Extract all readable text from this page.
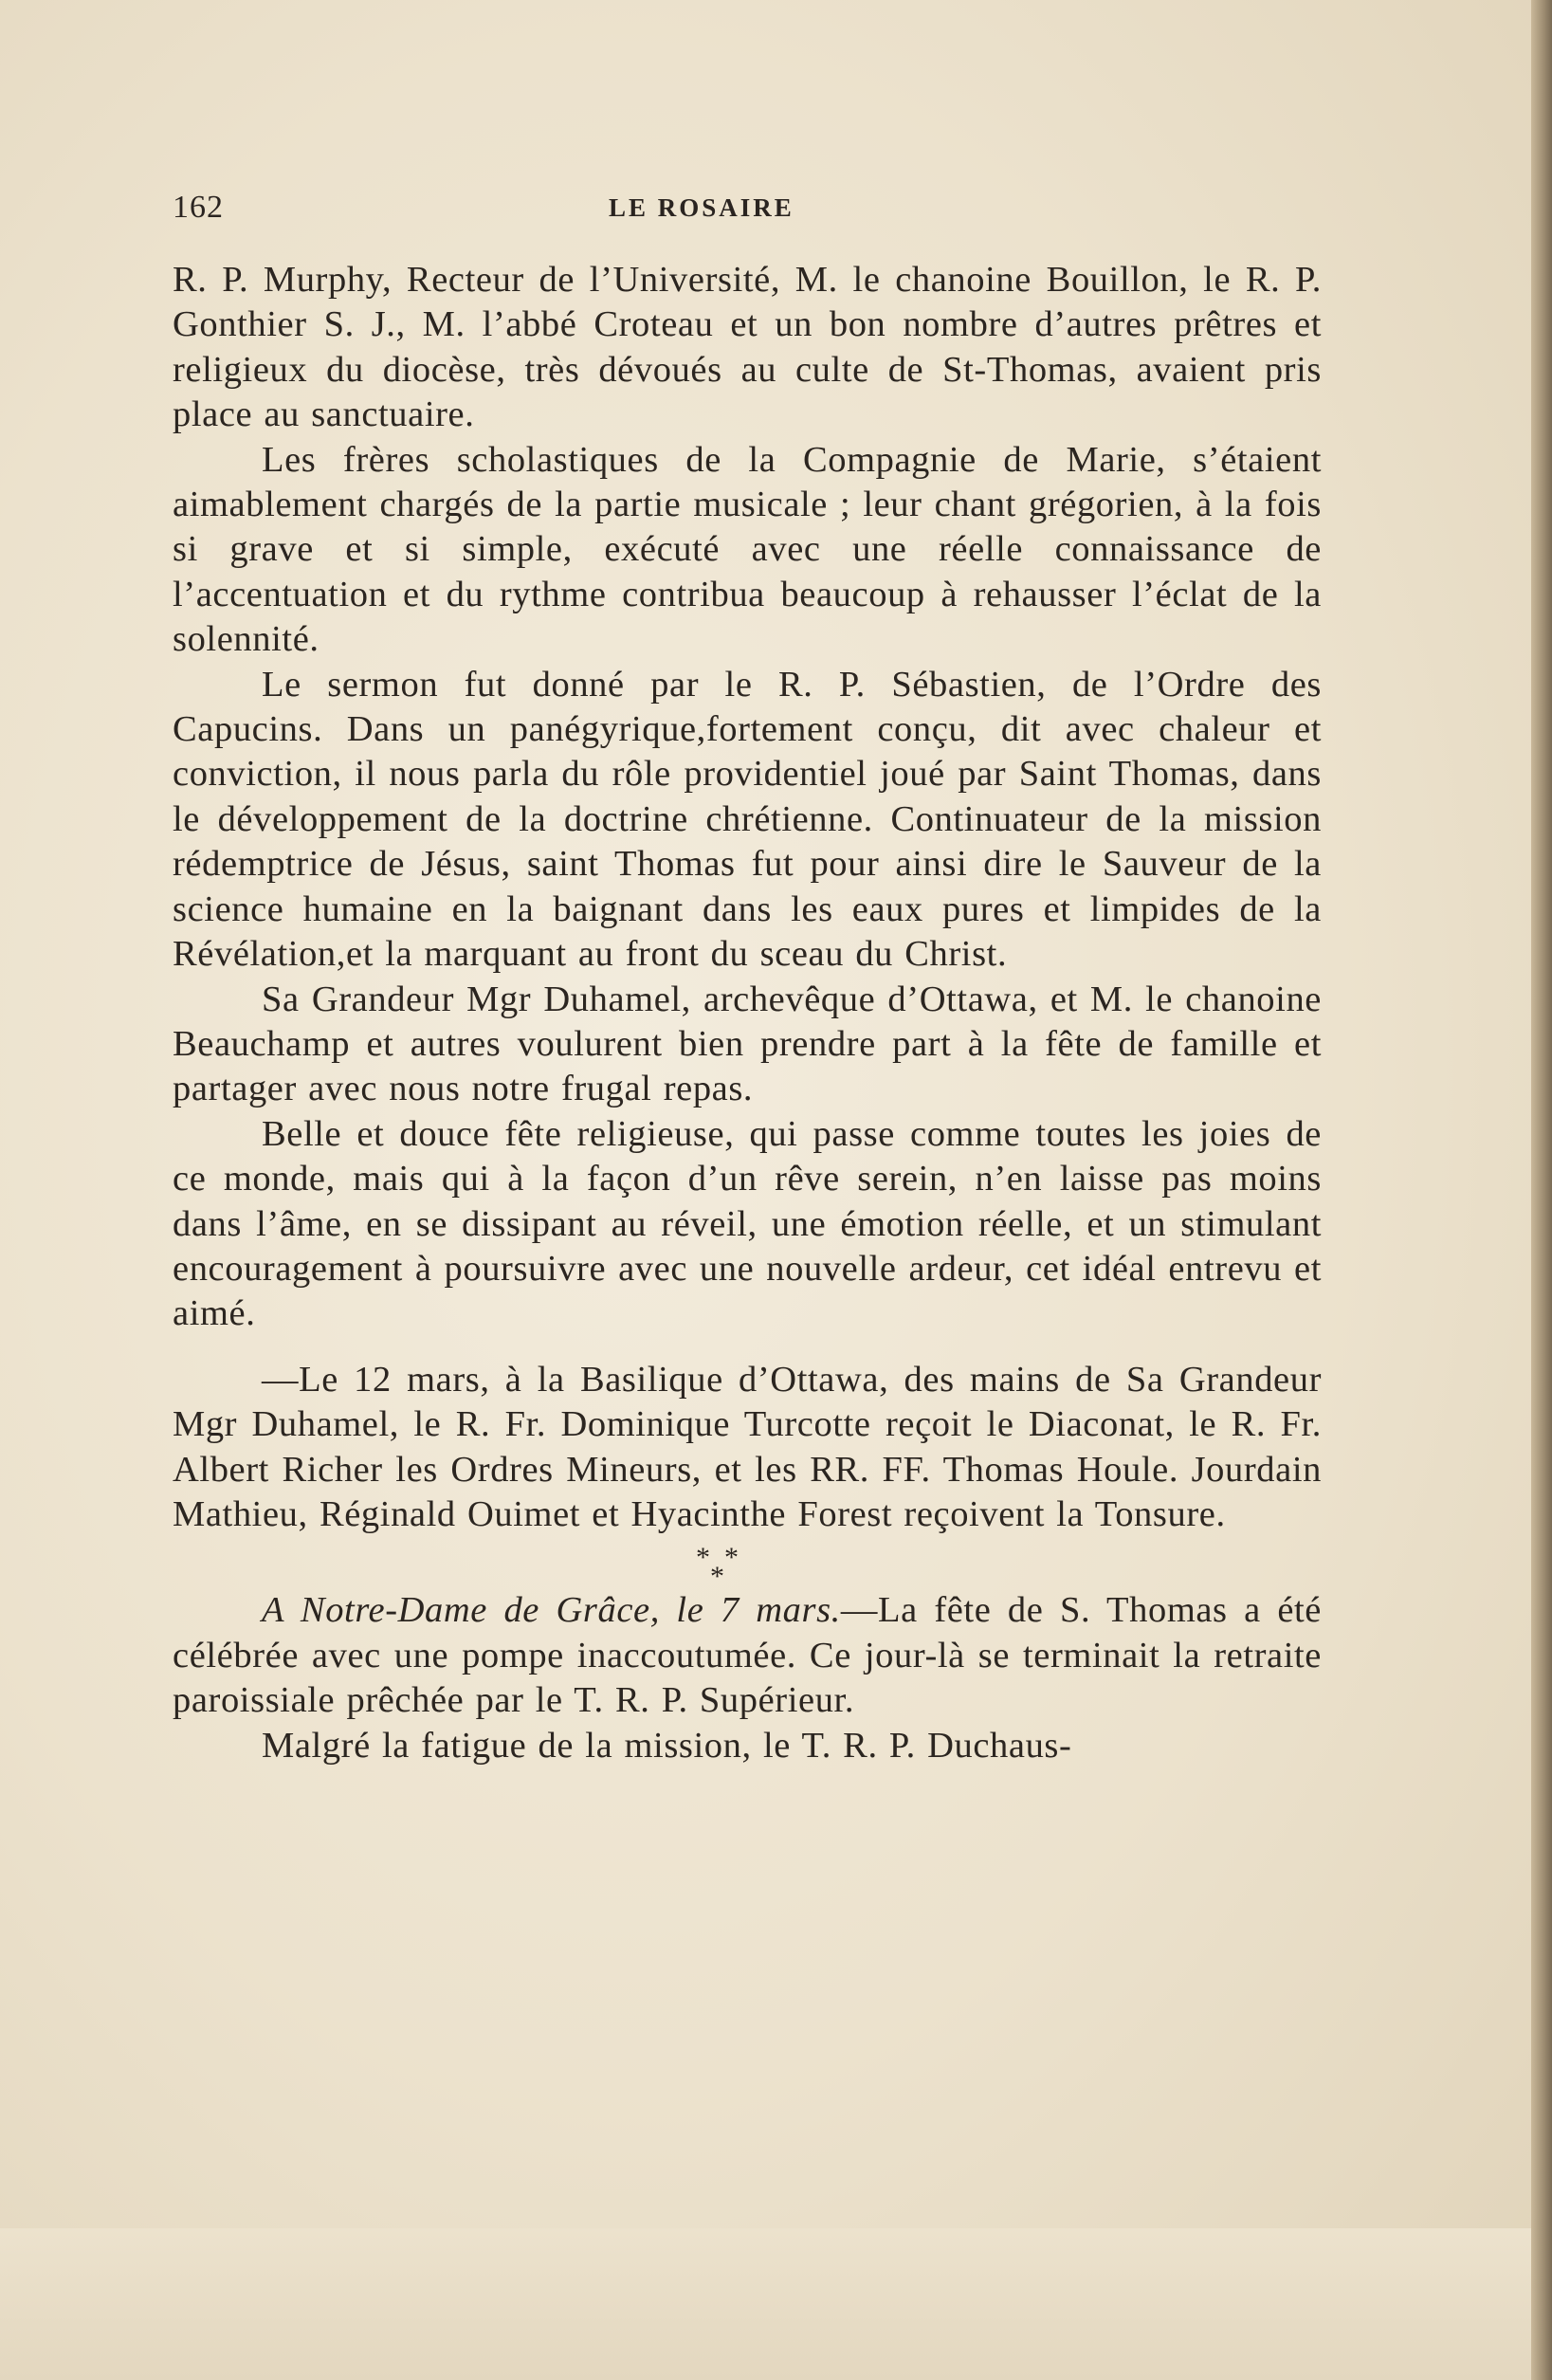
162	LE ROSAIRE

R. P. Murphy, Recteur de l’Université, M. le chanoine Bouillon, le R. P. Gonthier S. J., M. l’abbé Croteau et un bon nombre d’autres prêtres et religieux du diocèse, très dévoués au culte de St-Thomas, avaient pris place au sanctuaire.

Les frères scholastiques de la Compagnie de Marie, s’étaient aimablement chargés de la partie musicale ; leur chant grégorien, à la fois si grave et si simple, exécuté avec une réelle connaissance de l’accentuation et du rythme contribua beaucoup à rehausser l’éclat de la solennité.

Le sermon fut donné par le R. P. Sébastien, de l’Ordre des Capucins. Dans un panégyrique,fortement conçu, dit avec chaleur et conviction, il nous parla du rôle providentiel joué par Saint Thomas, dans le développement de la doctrine chrétienne. Continuateur de la mission rédemptrice de Jésus, saint Thomas fut pour ainsi dire le Sauveur de la science humaine en la baignant dans les eaux pures et limpides de la Révélation,et la marquant au front du sceau du Christ.

Sa Grandeur Mgr Duhamel, archevêque d’Ottawa, et M. le chanoine Beauchamp et autres voulurent bien prendre part à la fête de famille et partager avec nous notre frugal repas.

Belle et douce fête religieuse, qui passe comme toutes les joies de ce monde, mais qui à la façon d’un rêve serein, n’en laisse pas moins dans l’âme, en se dissipant au réveil, une émotion réelle, et un stimulant encouragement à poursuivre avec une nouvelle ardeur, cet idéal entrevu et aimé.

—Le 12 mars, à la Basilique d’Ottawa, des mains de Sa Grandeur Mgr Duhamel, le R. Fr. Dominique Turcotte reçoit le Diaconat, le R. Fr. Albert Richer les Ordres Mineurs, et les RR. FF. Thomas Houle. Jourdain Mathieu, Réginald Ouimet et Hyacinthe Forest reçoivent la Tonsure.

* *
*

A Notre-Dame de Grâce, le 7 mars.—La fête de S. Thomas a été célébrée avec une pompe inaccoutumée. Ce jour-là se terminait la retraite paroissiale prêchée par le T. R. P. Supérieur.

Malgré la fatigue de la mission, le T. R. P. Duchaus-
